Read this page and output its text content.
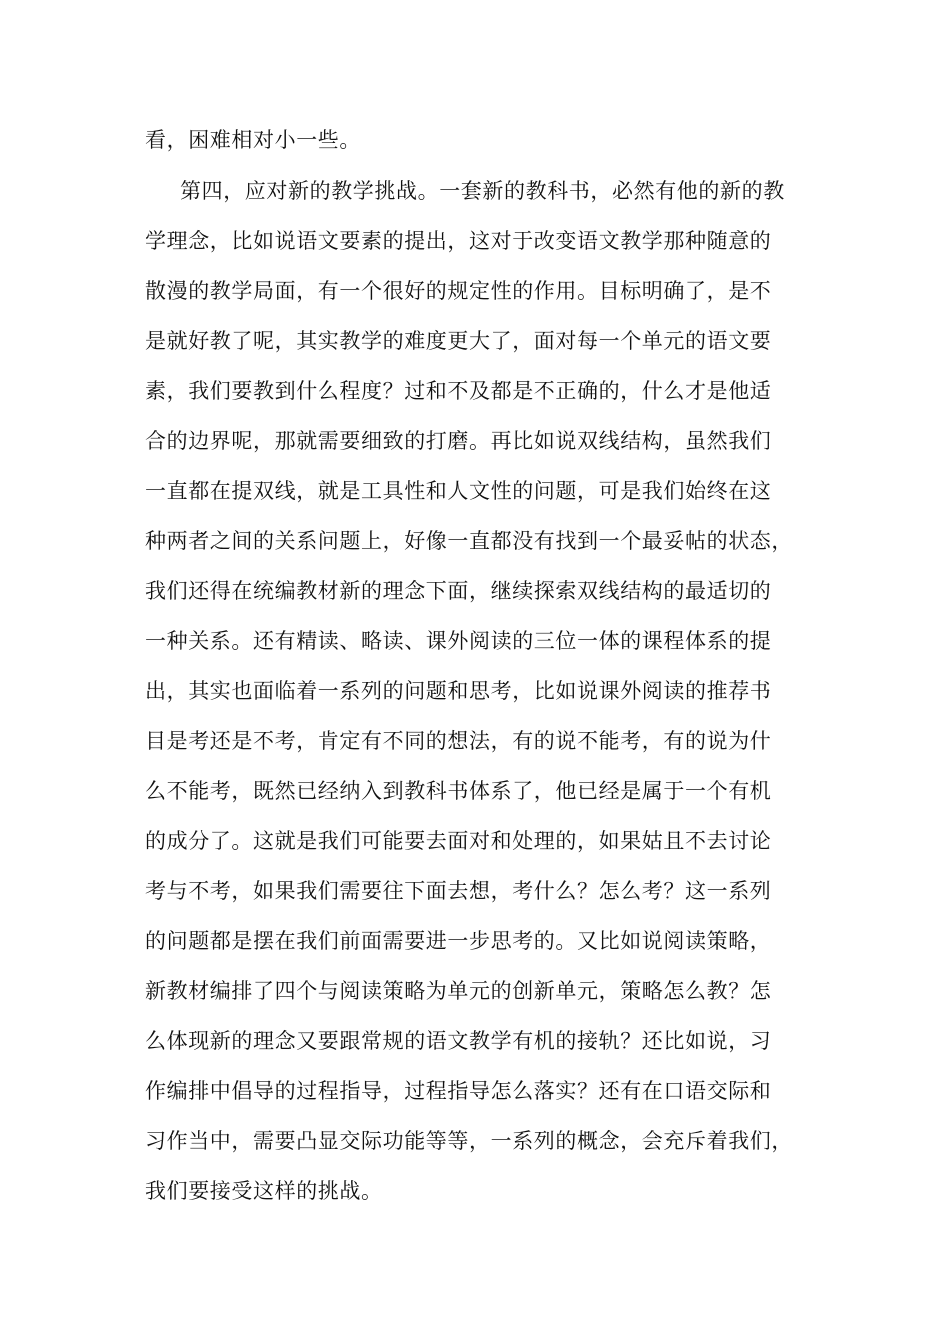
看，困难相对小一些。
第四，应对新的教学挑战。一套新的教科书，必然有他的新的教
学理念，比如说语文要素的提出，这对于改变语文教学那种随意的
散漫的教学局面，有一个很好的规定性的作用。目标明确了，是不
是就好教了呢，其实教学的难度更大了，面对每一个单元的语文要
素，我们要教到什么程度？过和不及都是不正确的，什么才是他适
合的边界呢，那就需要细致的打磨。再比如说双线结构，虽然我们
一直都在提双线，就是工具性和人文性的问题，可是我们始终在这
种两者之间的关系问题上，好像一直都没有找到一个最妥帖的状态，
我们还得在统编教材新的理念下面，继续探索双线结构的最适切的
一种关系。还有精读、略读、课外阅读的三位一体的课程体系的提
出，其实也面临着一系列的问题和思考，比如说课外阅读的推荐书
目是考还是不考，肯定有不同的想法，有的说不能考，有的说为什
么不能考，既然已经纳入到教科书体系了，他已经是属于一个有机
的成分了。这就是我们可能要去面对和处理的，如果姑且不去讨论
考与不考，如果我们需要往下面去想，考什么？怎么考？这一系列
的问题都是摆在我们前面需要进一步思考的。又比如说阅读策略，
新教材编排了四个与阅读策略为单元的创新单元，策略怎么教？怎
么体现新的理念又要跟常规的语文教学有机的接轨？还比如说，习
作编排中倡导的过程指导，过程指导怎么落实？还有在口语交际和
习作当中，需要凸显交际功能等等，一系列的概念，会充斥着我们，
我们要接受这样的挑战。
